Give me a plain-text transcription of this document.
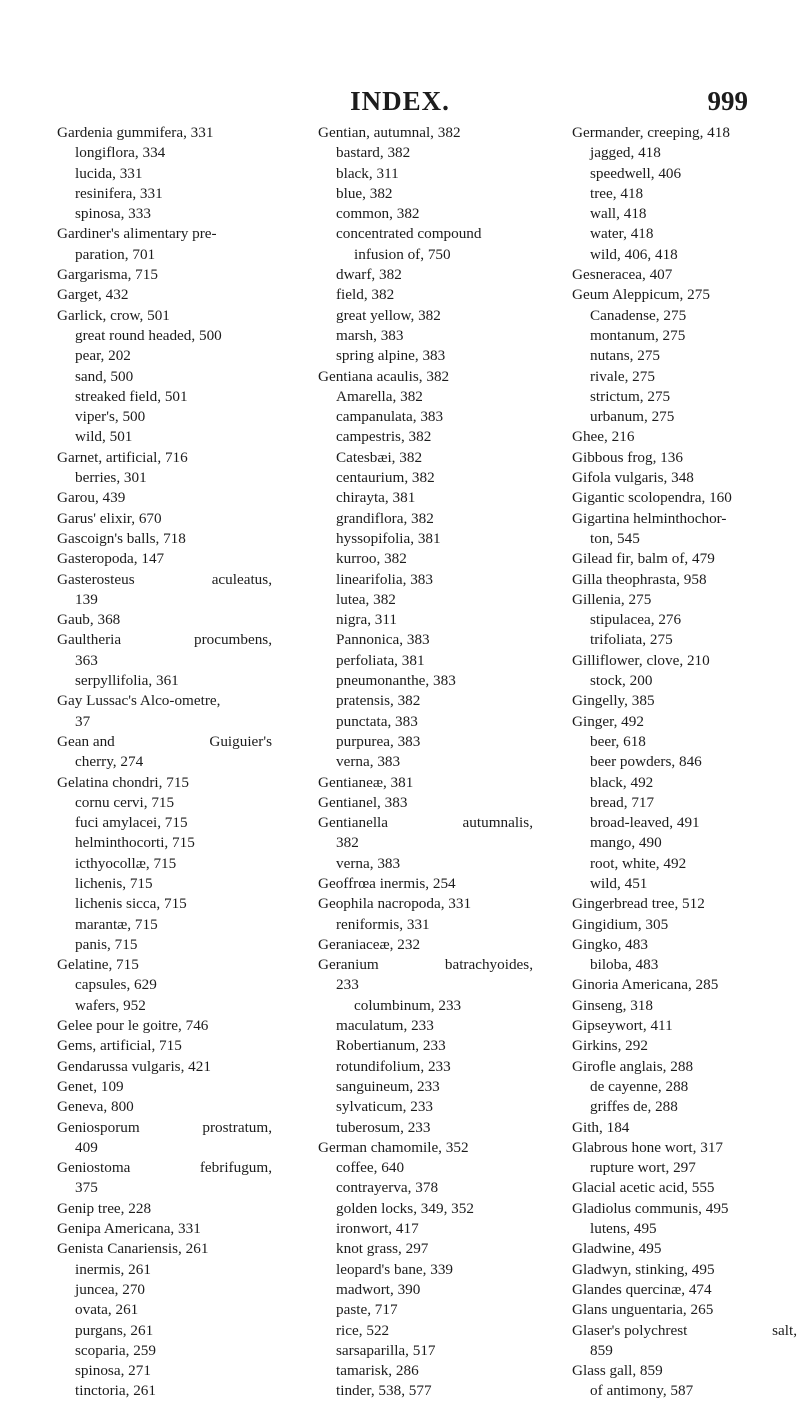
INDEX.	999
Gardenia gummifera, 331
longiflora, 334
lucida, 331
resinifera, 331
spinosa, 333
Gardiner's alimentary pre-
paration, 701
Gargarisma, 715
Garget, 432
Garlick, crow, 501
great round headed, 500
pear, 202
sand, 500
streaked field, 501
viper's, 500
wild, 501
Garnet, artificial, 716
berries, 301
Garou, 439
Garus' elixir, 670
Gascoign's balls, 718
Gasteropoda, 147
Gasterosteus	aculeatus,
139
Gaub, 368
Gaultheria	procumbens,
363
serpyllifolia, 361
Gay Lussac's Alco-ometre,
37
Gean and	Guiguier's
cherry, 274
Gelatina chondri, 715
cornu cervi, 715
fuci amylacei, 715
helminthocorti, 715
icthyocollæ, 715
lichenis, 715
lichenis sicca, 715
marantæ, 715
panis, 715
Gelatine, 715
capsules, 629
wafers, 952
Gelee pour le goitre, 746
Gems, artificial, 715
Gendarussa vulgaris, 421
Genet, 109
Geneva, 800
Geniosporum	prostratum,
409
Geniostoma	febrifugum,
375
Genip tree, 228
Genipa Americana, 331
Genista Canariensis, 261
inermis, 261
juncea, 270
ovata, 261
purgans, 261
scoparia, 259
spinosa, 271
tinctoria, 261
Gentian, autumnal, 382
bastard, 382
black, 311
blue, 382
common, 382
concentrated compound
infusion of, 750
dwarf, 382
field, 382
great yellow, 382
marsh, 383
spring alpine, 383
Gentiana acaulis, 382
Amarella, 382
campanulata, 383
campestris, 382
Catesbæi, 382
centaurium, 382
chirayta, 381
grandiflora, 382
hyssopifolia, 381
kurroo, 382
linearifolia, 383
lutea, 382
nigra, 311
Pannonica, 383
perfoliata, 381
pneumonanthe, 383
pratensis, 382
punctata, 383
purpurea, 383
verna, 383
Gentianeæ, 381
Gentianel, 383
Gentianella	autumnalis,
382
verna, 383
Geoffrœa inermis, 254
Geophila nacropoda, 331
reniformis, 331
Geraniaceæ, 232
Geranium	batrachyoides,
233
columbinum, 233
maculatum, 233
Robertianum, 233
rotundifolium, 233
sanguineum, 233
sylvaticum, 233
tuberosum, 233
German chamomile, 352
coffee, 640
contrayerva, 378
golden locks, 349, 352
ironwort, 417
knot grass, 297
leopard's bane, 339
madwort, 390
paste, 717
rice, 522
sarsaparilla, 517
tamarisk, 286
tinder, 538, 577
Germander, creeping, 418
jagged, 418
speedwell, 406
tree, 418
wall, 418
water, 418
wild, 406, 418
Gesneracea, 407
Geum Aleppicum, 275
Canadense, 275
montanum, 275
nutans, 275
rivale, 275
strictum, 275
urbanum, 275
Ghee, 216
Gibbous frog, 136
Gifola vulgaris, 348
Gigantic scolopendra, 160
Gigartina helminthochor-
ton, 545
Gilead fir, balm of, 479
Gilla theophrasta, 958
Gillenia, 275
stipulacea, 276
trifoliata, 275
Gilliflower, clove, 210
stock, 200
Gingelly, 385
Ginger, 492
beer, 618
beer powders, 846
black, 492
bread, 717
broad-leaved, 491
mango, 490
root, white, 492
wild, 451
Gingerbread tree, 512
Gingidium, 305
Gingko, 483
biloba, 483
Ginoria Americana, 285
Ginseng, 318
Gipseywort, 411
Girkins, 292
Girofle anglais, 288
de cayenne, 288
griffes de, 288
Gith, 184
Glabrous hone wort, 317
rupture wort, 297
Glacial acetic acid, 555
Gladiolus communis, 495
lutens, 495
Gladwine, 495
Gladwyn, stinking, 495
Glandes quercinæ, 474
Glans unguentaria, 265
Glaser's polychrest	salt,
859
Glass gall, 859
of antimony, 587
